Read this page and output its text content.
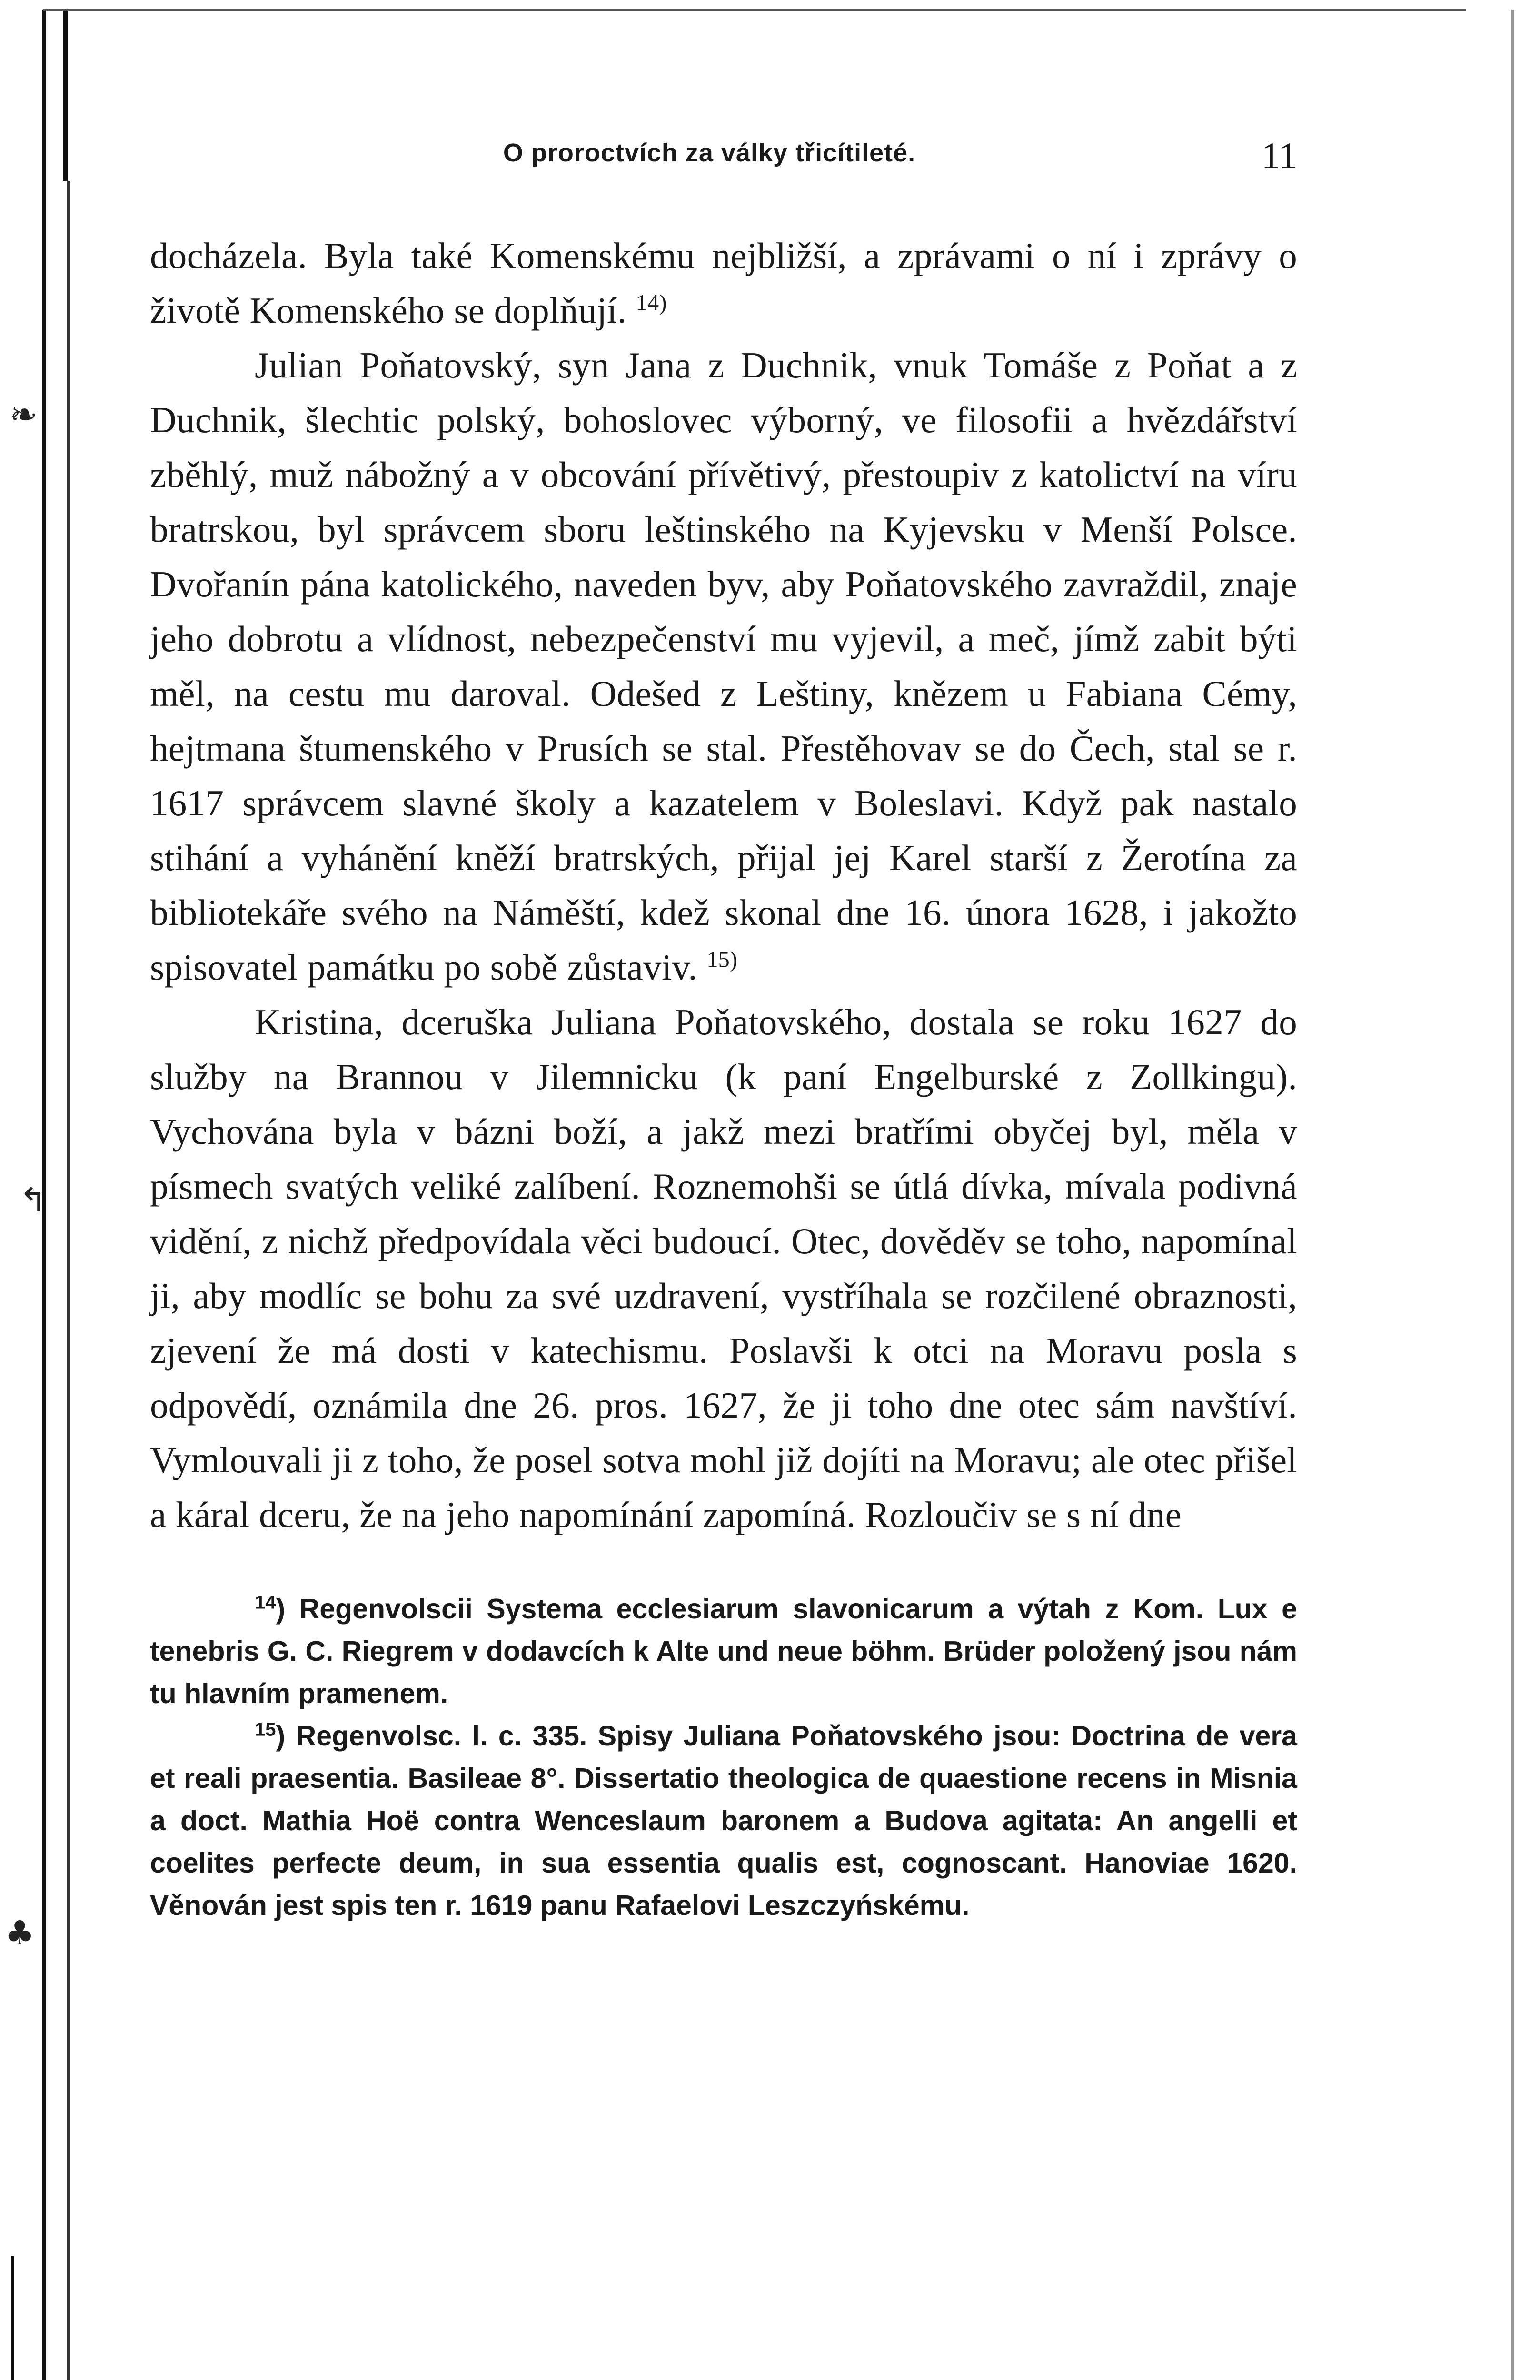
❧
↰
♣
O proroctvích za války třicítileté.	11

docházela. Byla také Komenskému nejbližší, a zprávami o ní i zprávy o životě Komenského se doplňují. $^{14)}$

Julian Poňatovský, syn Jana z Duchnik, vnuk Tomáše z Poňat a z Duchnik, šlechtic polský, bohoslovec výborný, ve filosofii a hvězdářství zběhlý, muž nábožný a v obcování přívětivý, přestoupiv z katolictví na víru bratrskou, byl správcem sboru leštinského na Kyjevsku v Menší Polsce. Dvořanín pána katolického, naveden byv, aby Poňatovského zavraždil, znaje jeho dobrotu a vlídnost, nebezpečenství mu vyjevil, a meč, jímž zabit býti měl, na cestu mu daroval. Odešed z Leštiny, knězem u Fabiana Cémy, hejtmana štumenského v Prusích se stal. Přestěhovav se do Čech, stal se r. 1617 správcem slavné školy a kazatelem v Boleslavi. Když pak nastalo stihání a vyhánění kněží bratrských, přijal jej Karel starší z Žerotína za bibliotekáře svého na Náměští, kdež skonal dne 16. února 1628, i jakožto spisovatel památku po sobě zůstaviv. $^{15)}$

Kristina, dceruška Juliana Poňatovského, dostala se roku 1627 do služby na Brannou v Jilemnicku (k paní Engelburské z Zollkingu). Vychována byla v bázni boží, a jakž mezi bratřími obyčej byl, měla v písmech svatých veliké zalíbení. Roznemohši se útlá dívka, mívala podivná vidění, z nichž předpovídala věci budoucí. Otec, dověděv se toho, napomínal ji, aby modlíc se bohu za své uzdravení, vystříhala se rozčilené obraznosti, zjevení že má dosti v katechismu. Poslavši k otci na Moravu posla s odpovědí, oznámila dne 26. pros. 1627, že ji toho dne otec sám navštíví. Vymlouvali ji z toho, že posel sotva mohl již dojíti na Moravu; ale otec přišel a káral dceru, že na jeho napomínání zapomíná. Rozloučiv se s ní dne

$^{14}$) Regenvolscii Systema ecclesiarum slavonicarum a výtah z Kom. Lux e tenebris G. C. Riegrem v dodavcích k Alte und neue böhm. Brüder položený jsou nám tu hlavním pramenem.

$^{15}$) Regenvolsc. l. c. 335. Spisy Juliana Poňatovského jsou: Doctrina de vera et reali praesentia. Basileae 8°. Dissertatio theologica de quaestione recens in Misnia a doct. Mathia Hoë contra Wenceslaum baronem a Budova agitata: An angelli et coelites perfecte deum, in sua essentia qualis est, cognoscant. Hanoviae 1620. Věnován jest spis ten r. 1619 panu Rafaelovi Leszczyńskému.
